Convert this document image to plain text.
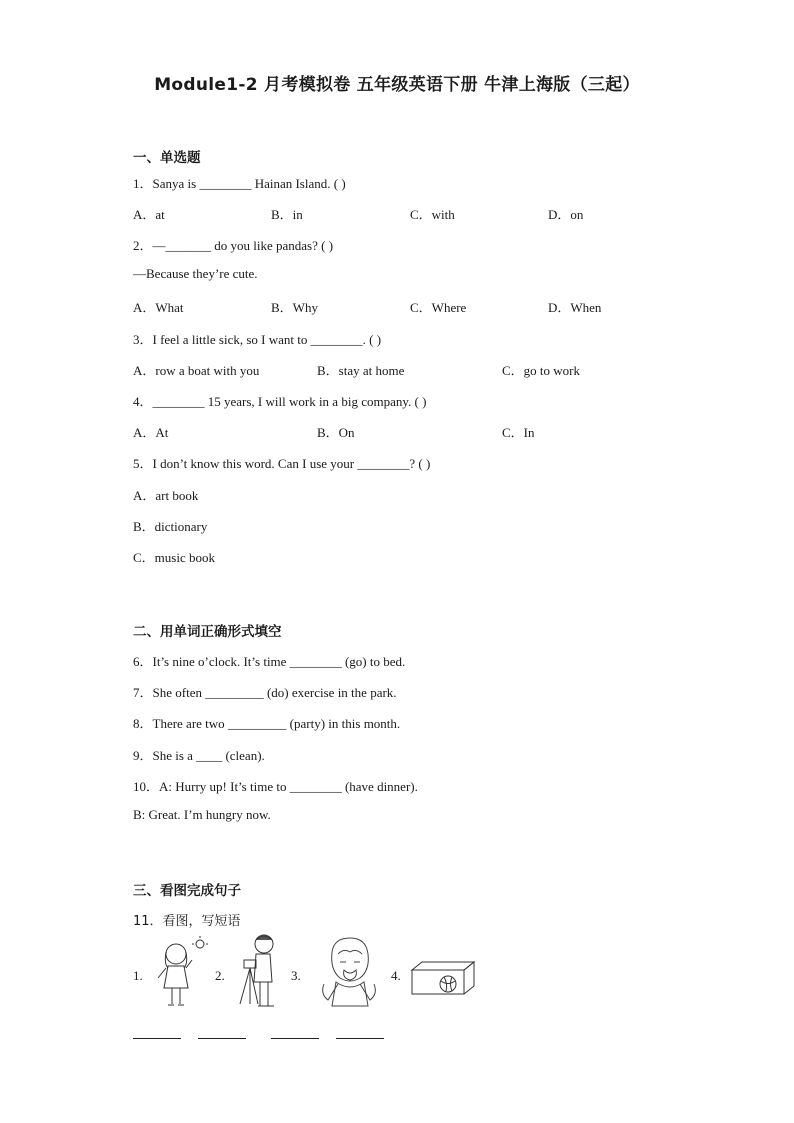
Module1-2 月考模拟卷 五年级英语下册 牛津上海版（三起）
一、单选题
1．Sanya is ________ Hainan Island. ( )
A．at	B．in	C．with	D．on
2．—_______ do you like pandas? ( )
—Because they’re cute.
A．What	B．Why	C．Where	D．When
3．I feel a little sick, so I want to ________. ( )
A．row a boat with you	B．stay at home	C．go to work
4．________ 15 years, I will work in a big company. ( )
A．At	B．On	C．In
5．I don’t know this word. Can I use your ________? ( )
A．art book
B．dictionary
C．music book
二、用单词正确形式填空
6．It’s nine o’clock. It’s time ________ (go) to bed.
7．She often _________ (do) exercise in the park.
8．There are two _________ (party) in this month.
9．She is a ____ (clean).
10．A: Hurry up! It’s time to ________ (have dinner).
B: Great. I’m hungry now.
三、看图完成句子
11．看图，写短语
1.	2.	3.	4.
